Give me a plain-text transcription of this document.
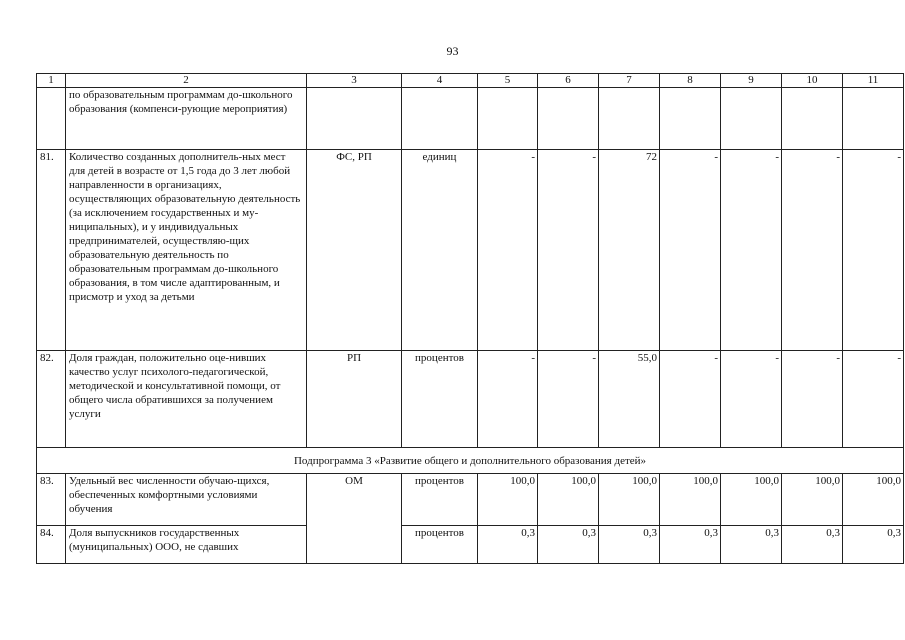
93
1	2	3	4	5	6	7	8	9	10	11
	по образовательным программам до-школьного образования (компенси-рующие мероприятия)									
81.	Количество созданных дополнитель-ных мест для детей в возрасте от 1,5 года до 3 лет любой направленности в организациях, осуществляющих образовательную деятельность (за исключением государственных и му-ниципальных), и у индивидуальных предпринимателей, осуществляю-щих образовательную деятельность по образовательным программам до-школьного образования, в том числе адаптированным, и присмотр и уход за детьми	ФС, РП	единиц	-	-	72	-	-	-	-
82.	Доля граждан, положительно оце-нивших качество услуг психолого-педагогической, методической и консультативной помощи, от общего числа обратившихся за получением услуги	РП	процентов	-	-	55,0	-	-	-	-
Подпрограмма 3 «Развитие общего и дополнительного образования детей»										
83.	Удельный вес численности обучаю-щихся, обеспеченных комфортными условиями обучения	ОМ	процентов	100,0	100,0	100,0	100,0	100,0	100,0	100,0
84.	Доля выпускников государственных (муниципальных) ООО, не сдавших		процентов	0,3	0,3	0,3	0,3	0,3	0,3	0,3
